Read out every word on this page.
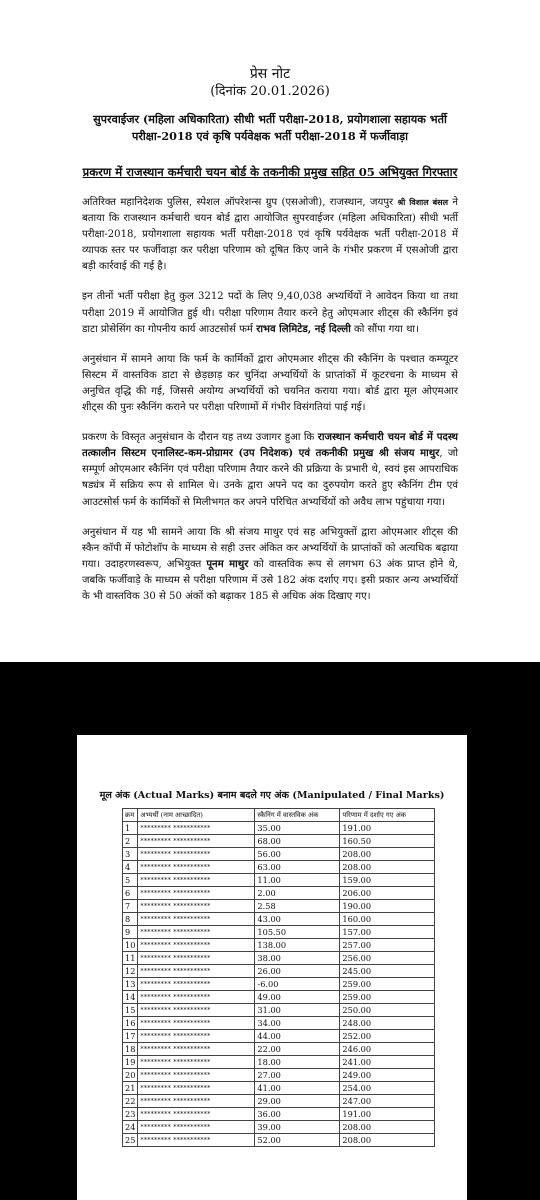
प्रेस नोट
(दिनांक 20.01.2026)
सुपरवाईजर (महिला अधिकारिता) सीधी भर्ती परीक्षा-2018, प्रयोगशाला सहायक भर्ती परीक्षा-2018 एवं कृषि पर्यवेक्षक भर्ती परीक्षा-2018 में फर्जीवाड़ा
प्रकरण में राजस्थान कर्मचारी चयन बोर्ड के तकनीकी प्रमुख सहित 05 अभियुक्त गिरफ्तार
अतिरिक्त महानिदेशक पुलिस, स्पेशल ऑपरेशन्स ग्रुप (एसओजी), राजस्थान, जयपुर श्री विशाल बंसल ने बताया कि राजस्थान कर्मचारी चयन बोर्ड द्वारा आयोजित सुपरवाईजर (महिला अधिकारिता) सीधी भर्ती परीक्षा-2018, प्रयोगशाला सहायक भर्ती परीक्षा-2018 एवं कृषि पर्यवेक्षक भर्ती परीक्षा-2018 में व्यापक स्तर पर फर्जीवाड़ा कर परीक्षा परिणाम को दूषित किए जाने के गंभीर प्रकरण में एसओजी द्वारा बड़ी कार्रवाई की गई है।
इन तीनों भर्ती परीक्षा हेतु कुल 3212 पदों के लिए 9,40,038 अभ्यर्थियों ने आवेदन किया था तथा परीक्षा 2019 में आयोजित हुई थी। परीक्षा परिणाम तैयार करने हेतु ओएमआर शीट्स की स्कैनिंग इवं डाटा प्रोसेसिंग का गोपनीय कार्य आउटसोर्स फर्म राभव लिमिटेड, नई दिल्ली को सौंपा गया था।
अनुसंधान में सामने आया कि फर्म के कार्मिकों द्वारा ओएमआर शीट्स की स्कैनिंग के पश्चात कम्प्यूटर सिस्टम में वास्तविक डाटा से छेड़छाड़ कर चुनिंदा अभ्यर्थियों के प्राप्तांकों में कूटरचना के माध्यम से अनुचित वृद्धि की गई, जिससे अयोग्य अभ्यर्थियों को चयनित कराया गया। बोर्ड द्वारा मूल ओएमआर शीट्स की पुनः स्कैनिंग कराने पर परीक्षा परिणामों में गंभीर विसंगतियां पाई गई।
प्रकरण के विस्तृत अनुसंधान के दौरान यह तथ्य उजागर हुआ कि राजस्थान कर्मचारी चयन बोर्ड में पदस्थ तत्कालीन सिस्टम एनालिस्ट-कम-प्रोग्रामर (उप निदेशक) एवं तकनीकी प्रमुख श्री संजय माथुर, जो सम्पूर्ण ओएमआर स्कैनिंग एवं परीक्षा परिणाम तैयार करने की प्रक्रिया के प्रभारी थे, स्वयं इस आपराधिक षड्यंत्र में सक्रिय रूप से शामिल थे। उनके द्वारा अपने पद का दुरुपयोग करते हुए स्कैनिंग टीम एवं आउटसोर्स फर्म के कार्मिकों से मिलीभगत कर अपने परिचित अभ्यर्थियों को अवैध लाभ पहुंचाया गया।
अनुसंधान में यह भी सामने आया कि श्री संजय माथुर एवं सह अभियुक्तों द्वारा ओएमआर शीट्स की स्कैन कॉपी में फोटोशॉप के माध्यम से सही उत्तर अंकित कर अभ्यर्थियों के प्राप्तांकों को अत्यधिक बढ़ाया गया। उदाहरणस्वरूप, अभियुक्त पूनम माथुर को वास्तविक रूप से लगभग 63 अंक प्राप्त होने थे, जबकि फर्जीवाड़े के माध्यम से परीक्षा परिणाम में उसे 182 अंक दर्शाए गए। इसी प्रकार अन्य अभ्यर्थियों के भी वास्तविक 30 से 50 अंकों को बढ़ाकर 185 से अधिक अंक दिखाए गए।
मूल अंक (Actual Marks) बनाम बदले गए अंक (Manipulated / Final Marks)
क्रम	अभ्यर्थी (नाम आच्छादित)	स्कैनिंग में वास्तविक अंक	परिणाम में दर्शाए गए अंक
1	********* ***********	35.00	191.00
2	********* ***********	68.00	160.50
3	********* ***********	56.00	208.00
4	********* ***********	63.00	208.00
5	********* ***********	11.00	159.00
6	********* ***********	2.00	206.00
7	********* ***********	2.58	190.00
8	********* ***********	43.00	160.00
9	********* ***********	105.50	157.00
10	********* ***********	138.00	257.00
11	********* ***********	38.00	256.00
12	********* ***********	26.00	245.00
13	********* ***********	-6.00	259.00
14	********* ***********	49.00	259.00
15	********* ***********	31.00	250.00
16	********* ***********	34.00	248.00
17	********* ***********	44.00	252.00
18	********* ***********	22.00	246.00
19	********* ***********	18.00	241.00
20	********* ***********	27.00	249.00
21	********* ***********	41.00	254.00
22	********* ***********	29.00	247.00
23	********* ***********	36.00	191.00
24	********* ***********	39.00	208.00
25	********* ***********	52.00	208.00
